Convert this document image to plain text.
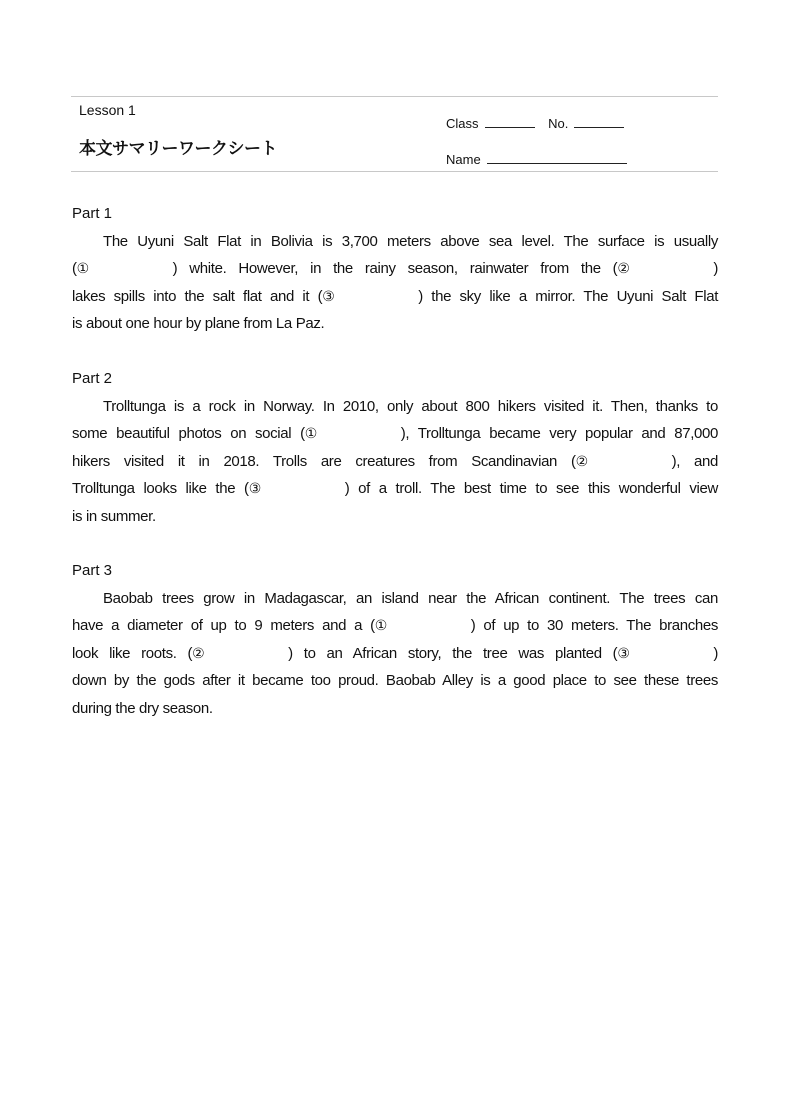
Lesson 1
本文サマリーワークシート
Class	No.
Name
Part 1
The Uyuni Salt Flat in Bolivia is 3,700 meters above sea level. The surface is usually
(①	) white. However, in the rainy season, rainwater from the (②	)
lakes spills into the salt flat and it (③	) the sky like a mirror. The Uyuni Salt Flat
is about one hour by plane from La Paz.
Part 2
Trolltunga is a rock in Norway. In 2010, only about 800 hikers visited it. Then, thanks to
some beautiful photos on social (①	), Trolltunga became very popular and 87,000
hikers visited it in 2018. Trolls are creatures from Scandinavian (②	), and
Trolltunga looks like the (③	) of a troll. The best time to see this wonderful view
is in summer.
Part 3
Baobab trees grow in Madagascar, an island near the African continent. The trees can
have a diameter of up to 9 meters and a (①	) of up to 30 meters. The branches
look like roots. (②	) to an African story, the tree was planted (③	)
down by the gods after it became too proud. Baobab Alley is a good place to see these trees
during the dry season.
